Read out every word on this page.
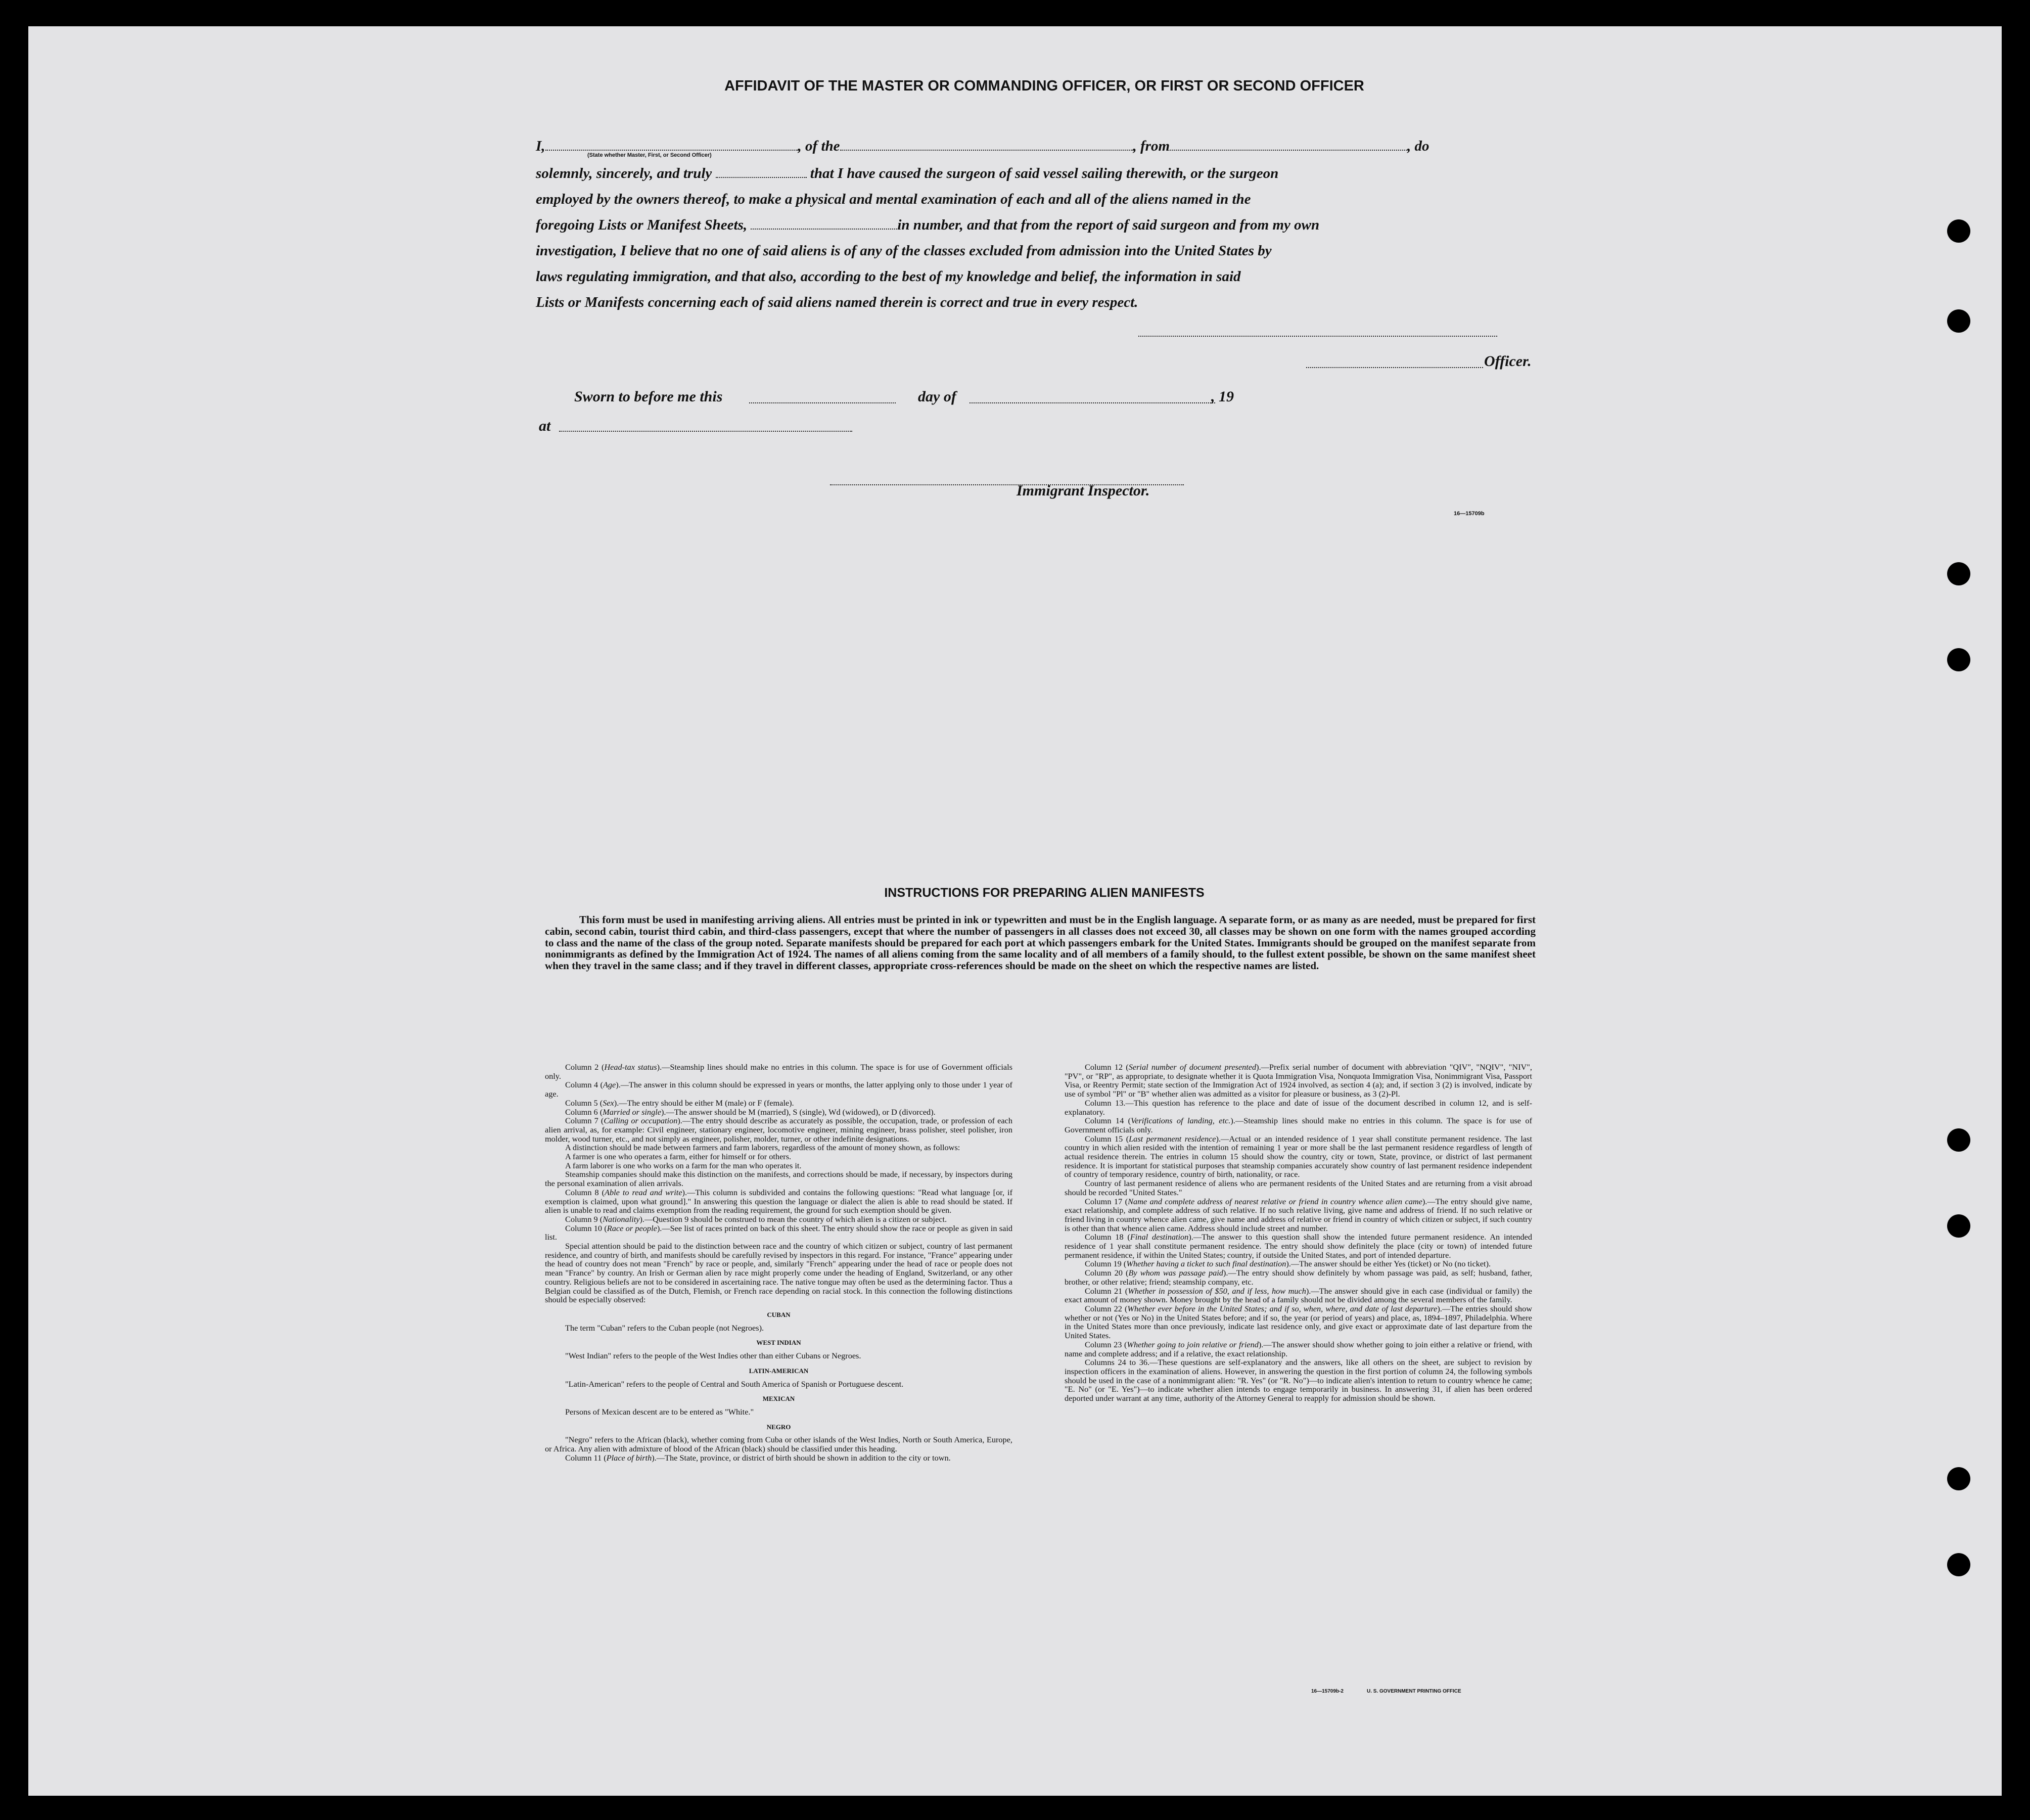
AFFIDAVIT OF THE MASTER OR COMMANDING OFFICER, OR FIRST OR SECOND OFFICER

I,	, of the	, from	, do

(State whether Master, First, or Second Officer)

solemnly, sincerely, and truly	that I have caused the surgeon of said vessel sailing therewith, or the surgeon

employed by the owners thereof, to make a physical and mental examination of each and all of the aliens named in the

foregoing Lists or Manifest Sheets,	in number, and that from the report of said surgeon and from my own

investigation, I believe that no one of said aliens is of any of the classes excluded from admission into the United States by

laws regulating immigration, and that also, according to the best of my knowledge and belief, the information in said

Lists or Manifests concerning each of said aliens named therein is correct and true in every respect.

Officer.
Sworn to before me this	day of	, 19
at
Immigrant Inspector.
16—15709b
INSTRUCTIONS FOR PREPARING ALIEN MANIFESTS

This form must be used in manifesting arriving aliens. All entries must be printed in ink or typewritten and must be in the English language. A separate form, or as many as are needed, must be prepared for first cabin, second cabin, tourist third cabin, and third-class passengers, except that where the number of passengers in all classes does not exceed 30, all classes may be shown on one form with the names grouped according to class and the name of the class of the group noted. Separate manifests should be prepared for each port at which passengers embark for the United States. Immigrants should be grouped on the manifest separate from nonimmigrants as defined by the Immigration Act of 1924. The names of all aliens coming from the same locality and of all members of a family should, to the fullest extent possible, be shown on the same manifest sheet when they travel in the same class; and if they travel in different classes, appropriate cross-references should be made on the sheet on which the respective names are listed.

Column 2 (Head-tax status).—Steamship lines should make no entries in this column. The space is for use of Government officials only.

Column 4 (Age).—The answer in this column should be expressed in years or months, the latter applying only to those under 1 year of age.

Column 5 (Sex).—The entry should be either M (male) or F (female).

Column 6 (Married or single).—The answer should be M (married), S (single), Wd (widowed), or D (divorced).

Column 7 (Calling or occupation).—The entry should describe as accurately as possible, the occupation, trade, or profession of each alien arrival, as, for example: Civil engineer, stationary engineer, locomotive engineer, mining engineer, brass polisher, steel polisher, iron molder, wood turner, etc., and not simply as engineer, polisher, molder, turner, or other indefinite designations.

A distinction should be made between farmers and farm laborers, regardless of the amount of money shown, as follows:

A farmer is one who operates a farm, either for himself or for others.

A farm laborer is one who works on a farm for the man who operates it.

Steamship companies should make this distinction on the manifests, and corrections should be made, if necessary, by inspectors during the personal examination of alien arrivals.

Column 8 (Able to read and write).—This column is subdivided and contains the following questions: "Read what language [or, if exemption is claimed, upon what ground]." In answering this question the language or dialect the alien is able to read should be stated. If alien is unable to read and claims exemption from the reading requirement, the ground for such exemption should be given.

Column 9 (Nationality).—Question 9 should be construed to mean the country of which alien is a citizen or subject.

Column 10 (Race or people).—See list of races printed on back of this sheet. The entry should show the race or people as given in said list.

Special attention should be paid to the distinction between race and the country of which citizen or subject, country of last permanent residence, and country of birth, and manifests should be carefully revised by inspectors in this regard. For instance, "France" appearing under the head of country does not mean "French" by race or people, and, similarly "French" appearing under the head of race or people does not mean "France" by country. An Irish or German alien by race might properly come under the heading of England, Switzerland, or any other country. Religious beliefs are not to be considered in ascertaining race. The native tongue may often be used as the determining factor. Thus a Belgian could be classified as of the Dutch, Flemish, or French race depending on racial stock. In this connection the following distinctions should be especially observed:

CUBAN

The term "Cuban" refers to the Cuban people (not Negroes).

WEST INDIAN

"West Indian" refers to the people of the West Indies other than either Cubans or Negroes.

LATIN-AMERICAN

"Latin-American" refers to the people of Central and South America of Spanish or Portuguese descent.

MEXICAN

Persons of Mexican descent are to be entered as "White."

NEGRO

"Negro" refers to the African (black), whether coming from Cuba or other islands of the West Indies, North or South America, Europe, or Africa. Any alien with admixture of blood of the African (black) should be classified under this heading.

Column 11 (Place of birth).—The State, province, or district of birth should be shown in addition to the city or town.

Column 12 (Serial number of document presented).—Prefix serial number of document with abbreviation "QIV", "NQIV", "NIV", "PV", or "RP", as appropriate, to designate whether it is Quota Immigration Visa, Nonquota Immigration Visa, Nonimmigrant Visa, Passport Visa, or Reentry Permit; state section of the Immigration Act of 1924 involved, as section 4 (a); and, if section 3 (2) is involved, indicate by use of symbol "Pl" or "B" whether alien was admitted as a visitor for pleasure or business, as 3 (2)-Pl.

Column 13.—This question has reference to the place and date of issue of the document described in column 12, and is self-explanatory.

Column 14 (Verifications of landing, etc.).—Steamship lines should make no entries in this column. The space is for use of Government officials only.

Column 15 (Last permanent residence).—Actual or an intended residence of 1 year shall constitute permanent residence. The last country in which alien resided with the intention of remaining 1 year or more shall be the last permanent residence regardless of length of actual residence therein. The entries in column 15 should show the country, city or town, State, province, or district of last permanent residence. It is important for statistical purposes that steamship companies accurately show country of last permanent residence independent of country of temporary residence, country of birth, nationality, or race.

Country of last permanent residence of aliens who are permanent residents of the United States and are returning from a visit abroad should be recorded "United States."

Column 17 (Name and complete address of nearest relative or friend in country whence alien came).—The entry should give name, exact relationship, and complete address of such relative. If no such relative living, give name and address of friend. If no such relative or friend living in country whence alien came, give name and address of relative or friend in country of which citizen or subject, if such country is other than that whence alien came. Address should include street and number.

Column 18 (Final destination).—The answer to this question shall show the intended future permanent residence. An intended residence of 1 year shall constitute permanent residence. The entry should show definitely the place (city or town) of intended future permanent residence, if within the United States; country, if outside the United States, and port of intended departure.

Column 19 (Whether having a ticket to such final destination).—The answer should be either Yes (ticket) or No (no ticket).

Column 20 (By whom was passage paid).—The entry should show definitely by whom passage was paid, as self; husband, father, brother, or other relative; friend; steamship company, etc.

Column 21 (Whether in possession of $50, and if less, how much).—The answer should give in each case (individual or family) the exact amount of money shown. Money brought by the head of a family should not be divided among the several members of the family.

Column 22 (Whether ever before in the United States; and if so, when, where, and date of last departure).—The entries should show whether or not (Yes or No) in the United States before; and if so, the year (or period of years) and place, as, 1894–1897, Philadelphia. Where in the United States more than once previously, indicate last residence only, and give exact or approximate date of last departure from the United States.

Column 23 (Whether going to join relative or friend).—The answer should show whether going to join either a relative or friend, with name and complete address; and if a relative, the exact relationship.

Columns 24 to 36.—These questions are self-explanatory and the answers, like all others on the sheet, are subject to revision by inspection officers in the examination of aliens. However, in answering the question in the first portion of column 24, the following symbols should be used in the case of a nonimmigrant alien: "R. Yes" (or "R. No")—to indicate alien's intention to return to country whence he came; "E. No" (or "E. Yes")—to indicate whether alien intends to engage temporarily in business. In answering 31, if alien has been ordered deported under warrant at any time, authority of the Attorney General to reapply for admission should be shown.

16—15709b-2	U. S. GOVERNMENT PRINTING OFFICE
